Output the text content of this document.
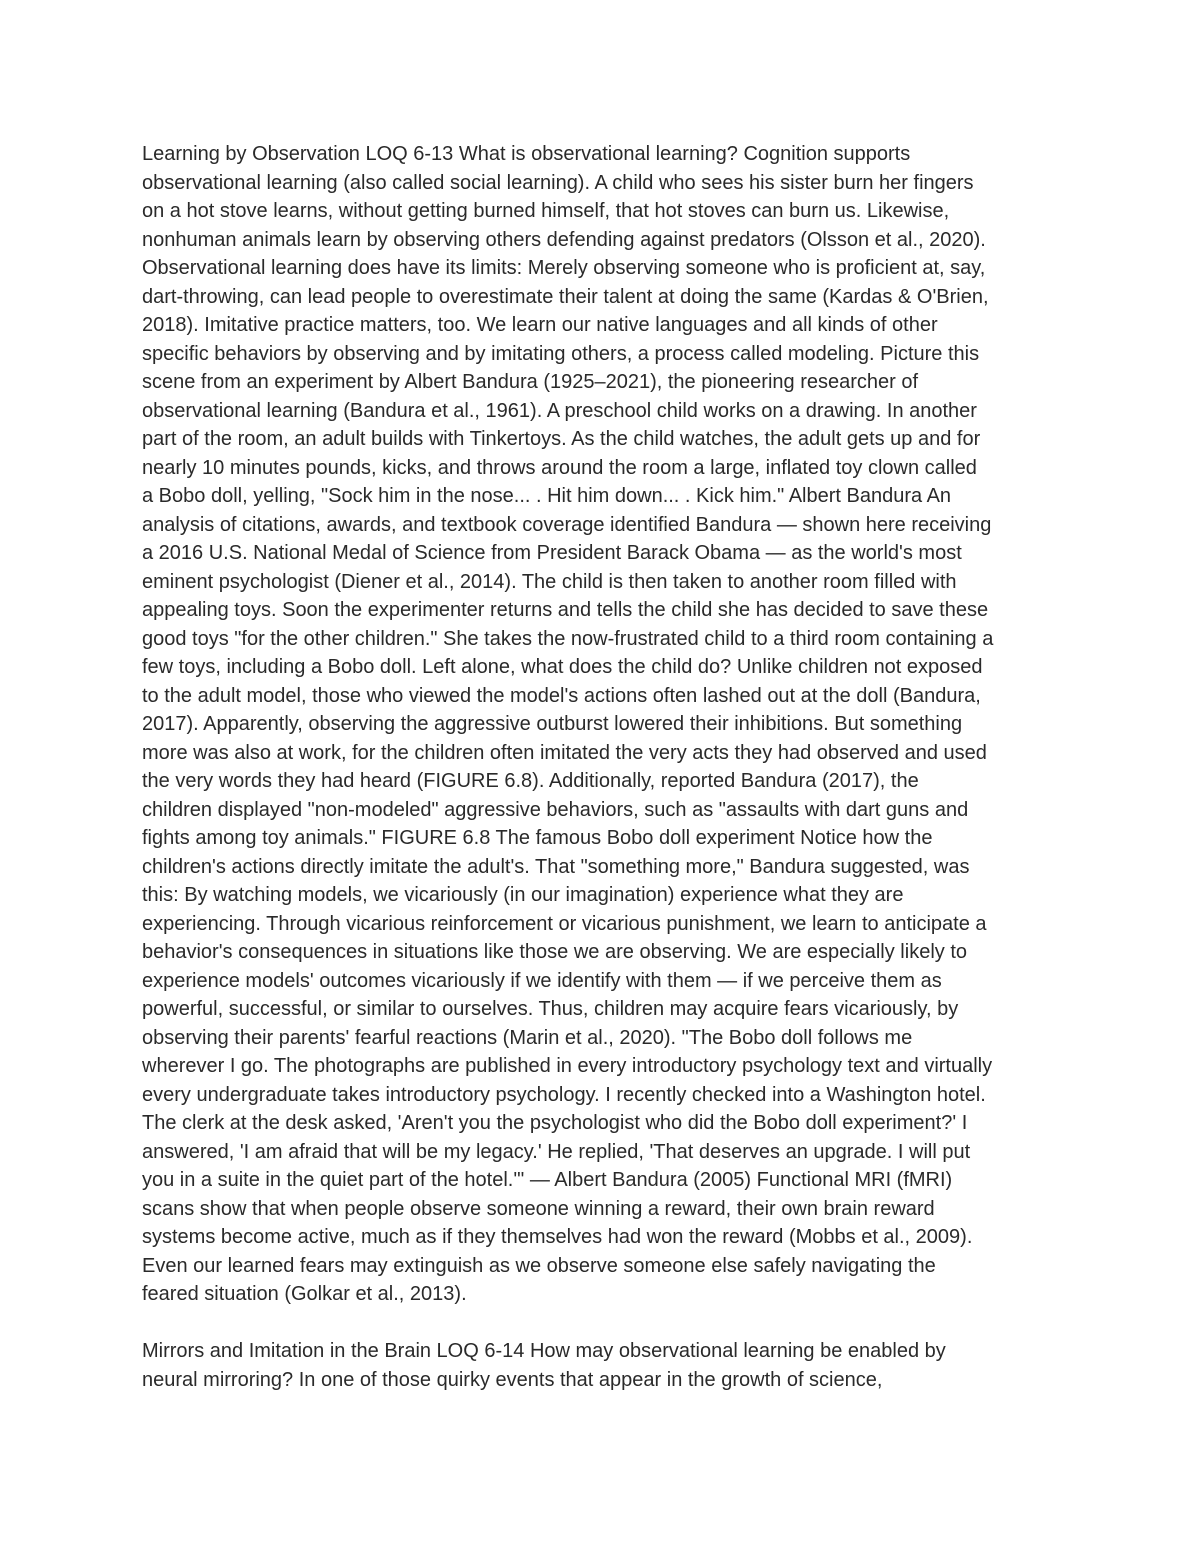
Learning by Observation LOQ 6-13 What is observational learning? Cognition supports
observational learning (also called social learning). A child who sees his sister burn her fingers
on a hot stove learns, without getting burned himself, that hot stoves can burn us. Likewise,
nonhuman animals learn by observing others defending against predators (Olsson et al., 2020).
Observational learning does have its limits: Merely observing someone who is proficient at, say,
dart-throwing, can lead people to overestimate their talent at doing the same (Kardas & O'Brien,
2018). Imitative practice matters, too. We learn our native languages and all kinds of other
specific behaviors by observing and by imitating others, a process called modeling. Picture this
scene from an experiment by Albert Bandura (1925–2021), the pioneering researcher of
observational learning (Bandura et al., 1961). A preschool child works on a drawing. In another
part of the room, an adult builds with Tinkertoys. As the child watches, the adult gets up and for
nearly 10 minutes pounds, kicks, and throws around the room a large, inflated toy clown called
a Bobo doll, yelling, "Sock him in the nose... . Hit him down... . Kick him." Albert Bandura An
analysis of citations, awards, and textbook coverage identified Bandura — shown here receiving
a 2016 U.S. National Medal of Science from President Barack Obama — as the world's most
eminent psychologist (Diener et al., 2014). The child is then taken to another room filled with
appealing toys. Soon the experimenter returns and tells the child she has decided to save these
good toys "for the other children." She takes the now-frustrated child to a third room containing a
few toys, including a Bobo doll. Left alone, what does the child do? Unlike children not exposed
to the adult model, those who viewed the model's actions often lashed out at the doll (Bandura,
2017). Apparently, observing the aggressive outburst lowered their inhibitions. But something
more was also at work, for the children often imitated the very acts they had observed and used
the very words they had heard (FIGURE 6.8). Additionally, reported Bandura (2017), the
children displayed "non-modeled" aggressive behaviors, such as "assaults with dart guns and
fights among toy animals." FIGURE 6.8 The famous Bobo doll experiment Notice how the
children's actions directly imitate the adult's. That "something more," Bandura suggested, was
this: By watching models, we vicariously (in our imagination) experience what they are
experiencing. Through vicarious reinforcement or vicarious punishment, we learn to anticipate a
behavior's consequences in situations like those we are observing. We are especially likely to
experience models' outcomes vicariously if we identify with them — if we perceive them as
powerful, successful, or similar to ourselves. Thus, children may acquire fears vicariously, by
observing their parents' fearful reactions (Marin et al., 2020). "The Bobo doll follows me
wherever I go. The photographs are published in every introductory psychology text and virtually
every undergraduate takes introductory psychology. I recently checked into a Washington hotel.
The clerk at the desk asked, 'Aren't you the psychologist who did the Bobo doll experiment?' I
answered, 'I am afraid that will be my legacy.' He replied, 'That deserves an upgrade. I will put
you in a suite in the quiet part of the hotel.'" — Albert Bandura (2005) Functional MRI (fMRI)
scans show that when people observe someone winning a reward, their own brain reward
systems become active, much as if they themselves had won the reward (Mobbs et al., 2009).
Even our learned fears may extinguish as we observe someone else safely navigating the
feared situation (Golkar et al., 2013).

Mirrors and Imitation in the Brain LOQ 6-14 How may observational learning be enabled by
neural mirroring? In one of those quirky events that appear in the growth of science,
